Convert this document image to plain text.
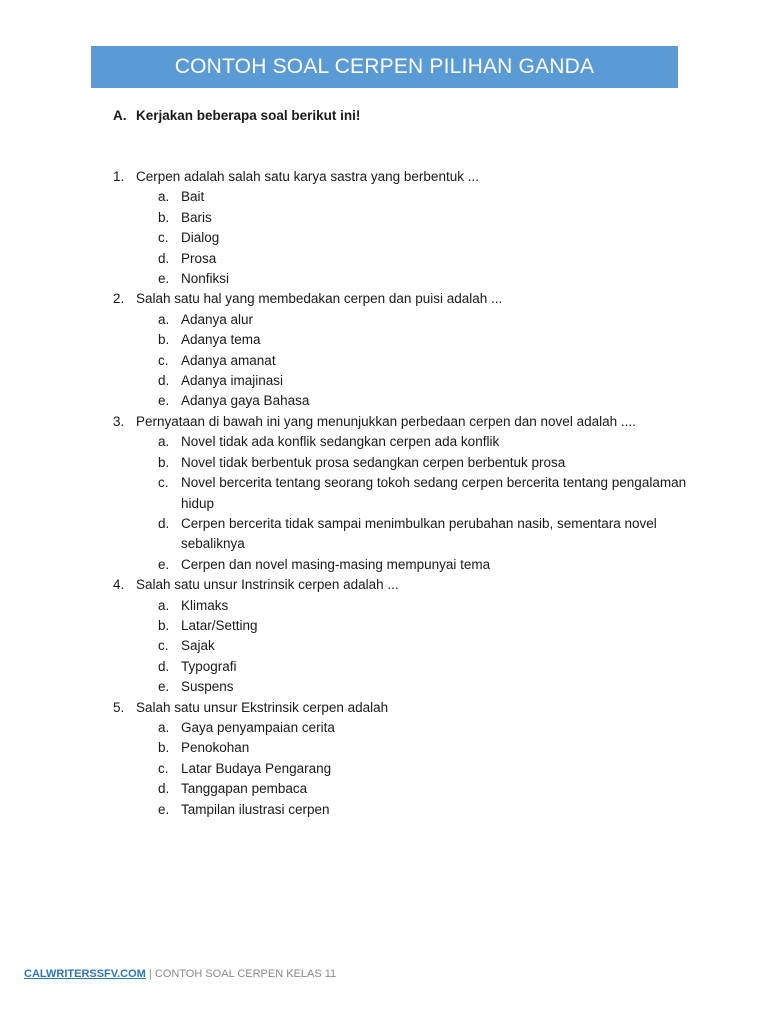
CONTOH SOAL CERPEN PILIHAN GANDA
A. Kerjakan beberapa soal berikut ini!
1. Cerpen adalah salah satu karya sastra yang berbentuk ...
a. Bait
b. Baris
c. Dialog
d. Prosa
e. Nonfiksi
2. Salah satu hal yang membedakan cerpen dan puisi adalah ...
a. Adanya alur
b. Adanya tema
c. Adanya amanat
d. Adanya imajinasi
e. Adanya gaya Bahasa
3. Pernyataan di bawah ini yang menunjukkan perbedaan cerpen dan novel adalah ....
a. Novel tidak ada konflik sedangkan cerpen ada konflik
b. Novel tidak berbentuk prosa sedangkan cerpen berbentuk prosa
c. Novel bercerita tentang seorang tokoh sedang cerpen bercerita tentang pengalaman hidup
d. Cerpen bercerita tidak sampai menimbulkan perubahan nasib, sementara novel sebaliknya
e. Cerpen dan novel masing-masing mempunyai tema
4. Salah satu unsur Instrinsik cerpen adalah ...
a. Klimaks
b. Latar/Setting
c. Sajak
d. Typografi
e. Suspens
5. Salah satu unsur Ekstrinsik cerpen adalah
a. Gaya penyampaian cerita
b. Penokohan
c. Latar Budaya Pengarang
d. Tanggapan pembaca
e. Tampilan ilustrasi cerpen
CALWRITERSSFV.COM | CONTOH SOAL CERPEN KELAS 11
